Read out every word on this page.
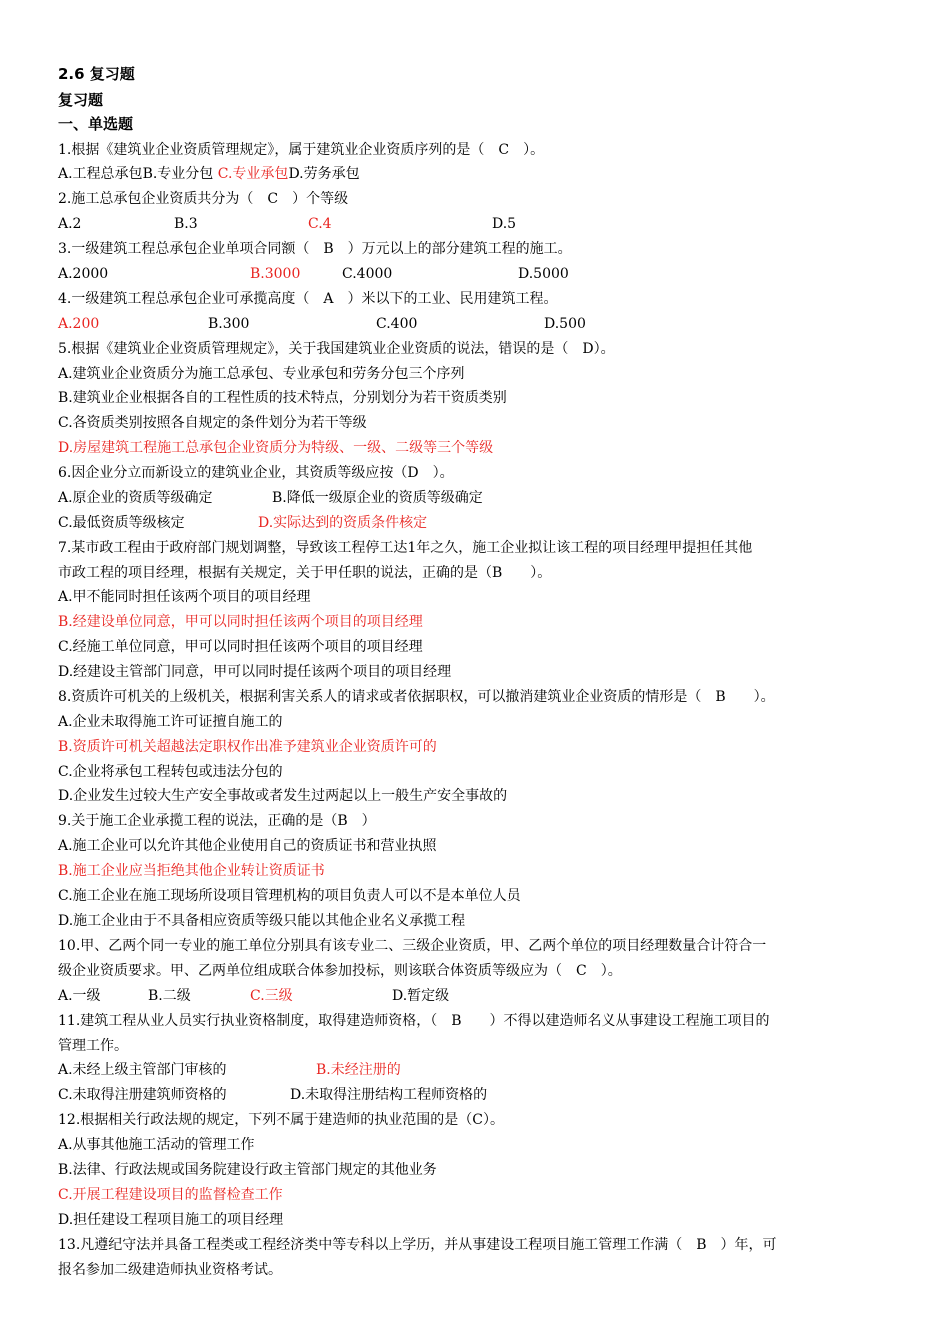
2.6 复习题
复习题
一、单选题
1.根据《建筑业企业资质管理规定》，属于建筑业企业资质序列的是（　C　）。
A.工程总承包B.专业分包 C.专业承包D.劳务承包
2.施工总承包企业资质共分为（　C　）个等级
A.2	B.3	C.4	D.5
3.一级建筑工程总承包企业单项合同额（　B　）万元以上的部分建筑工程的施工。
A.2000	B.3000	C.4000	D.5000
4.一级建筑工程总承包企业可承揽高度（　A　）米以下的工业、民用建筑工程。
A.200	B.300	C.400	D.500
5.根据《建筑业企业资质管理规定》，关于我国建筑业企业资质的说法，错误的是（　D）。
A.建筑业企业资质分为施工总承包、专业承包和劳务分包三个序列
B.建筑业企业根据各自的工程性质的技术特点，分别划分为若干资质类别
C.各资质类别按照各自规定的条件划分为若干等级
D.房屋建筑工程施工总承包企业资质分为特级、一级、二级等三个等级
6.因企业分立而新设立的建筑业企业，其资质等级应按（D　）。
A.原企业的资质等级确定	B.降低一级原企业的资质等级确定
C.最低资质等级核定	D.实际达到的资质条件核定
7.某市政工程由于政府部门规划调整，导致该工程停工达1年之久，施工企业拟让该工程的项目经理甲提担任其他
市政工程的项目经理，根据有关规定，关于甲任职的说法，正确的是（B　　）。
A.甲不能同时担任该两个项目的项目经理
B.经建设单位同意，甲可以同时担任该两个项目的项目经理
C.经施工单位同意，甲可以同时担任该两个项目的项目经理
D.经建设主管部门同意，甲可以同时提任该两个项目的项目经理
8.资质许可机关的上级机关，根据利害关系人的请求或者依据职权，可以撤消建筑业企业资质的情形是（　B　　）。
A.企业未取得施工许可证擅自施工的
B.资质许可机关超越法定职权作出准予建筑业企业资质许可的
C.企业将承包工程转包或违法分包的
D.企业发生过较大生产安全事故或者发生过两起以上一般生产安全事故的
9.关于施工企业承揽工程的说法，正确的是（B　）
A.施工企业可以允许其他企业使用自己的资质证书和营业执照
B.施工企业应当拒绝其他企业转让资质证书
C.施工企业在施工现场所设项目管理机构的项目负责人可以不是本单位人员
D.施工企业由于不具备相应资质等级只能以其他企业名义承揽工程
10.甲、乙两个同一专业的施工单位分别具有该专业二、三级企业资质，甲、乙两个单位的项目经理数量合计符合一
级企业资质要求。甲、乙两单位组成联合体参加投标，则该联合体资质等级应为（　C　）。
A.一级	B.二级	C.三级	D.暂定级
11.建筑工程从业人员实行执业资格制度，取得建造师资格，（　B　　）不得以建造师名义从事建设工程施工项目的
管理工作。
A.未经上级主管部门审核的	B.未经注册的
C.未取得注册建筑师资格的	D.未取得注册结构工程师资格的
12.根据相关行政法规的规定，下列不属于建造师的执业范围的是（C）。
A.从事其他施工活动的管理工作
B.法律、行政法规或国务院建设行政主管部门规定的其他业务
C.开展工程建设项目的监督检查工作
D.担任建设工程项目施工的项目经理
13.凡遵纪守法并具备工程类或工程经济类中等专科以上学历，并从事建设工程项目施工管理工作满（　B　）年，可
报名参加二级建造师执业资格考试。
